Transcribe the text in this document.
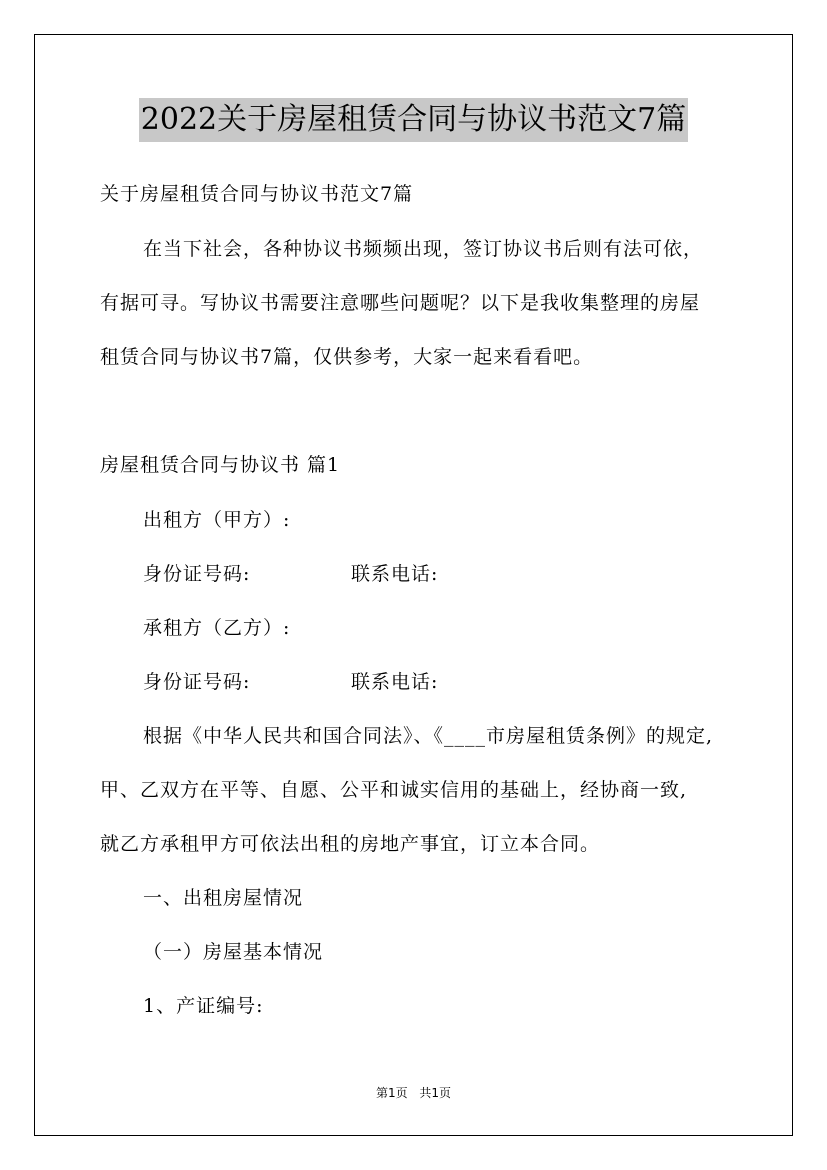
2022关于房屋租赁合同与协议书范文7篇
关于房屋租赁合同与协议书范文7篇
在当下社会，各种协议书频频出现，签订协议书后则有法可依，
有据可寻。写协议书需要注意哪些问题呢？以下是我收集整理的房屋
租赁合同与协议书7篇，仅供参考，大家一起来看看吧。
房屋租赁合同与协议书 篇1
出租方（甲方）:
身份证号码:	联系电话:
承租方（乙方）:
身份证号码:	联系电话:
根据《中华人民共和国合同法》、《____市房屋租赁条例》的规定,
甲、乙双方在平等、自愿、公平和诚实信用的基础上，经协商一致,
就乙方承租甲方可依法出租的房地产事宜，订立本合同。
一、出租房屋情况
（一）房屋基本情况
1、产证编号:
第1页 共1页
